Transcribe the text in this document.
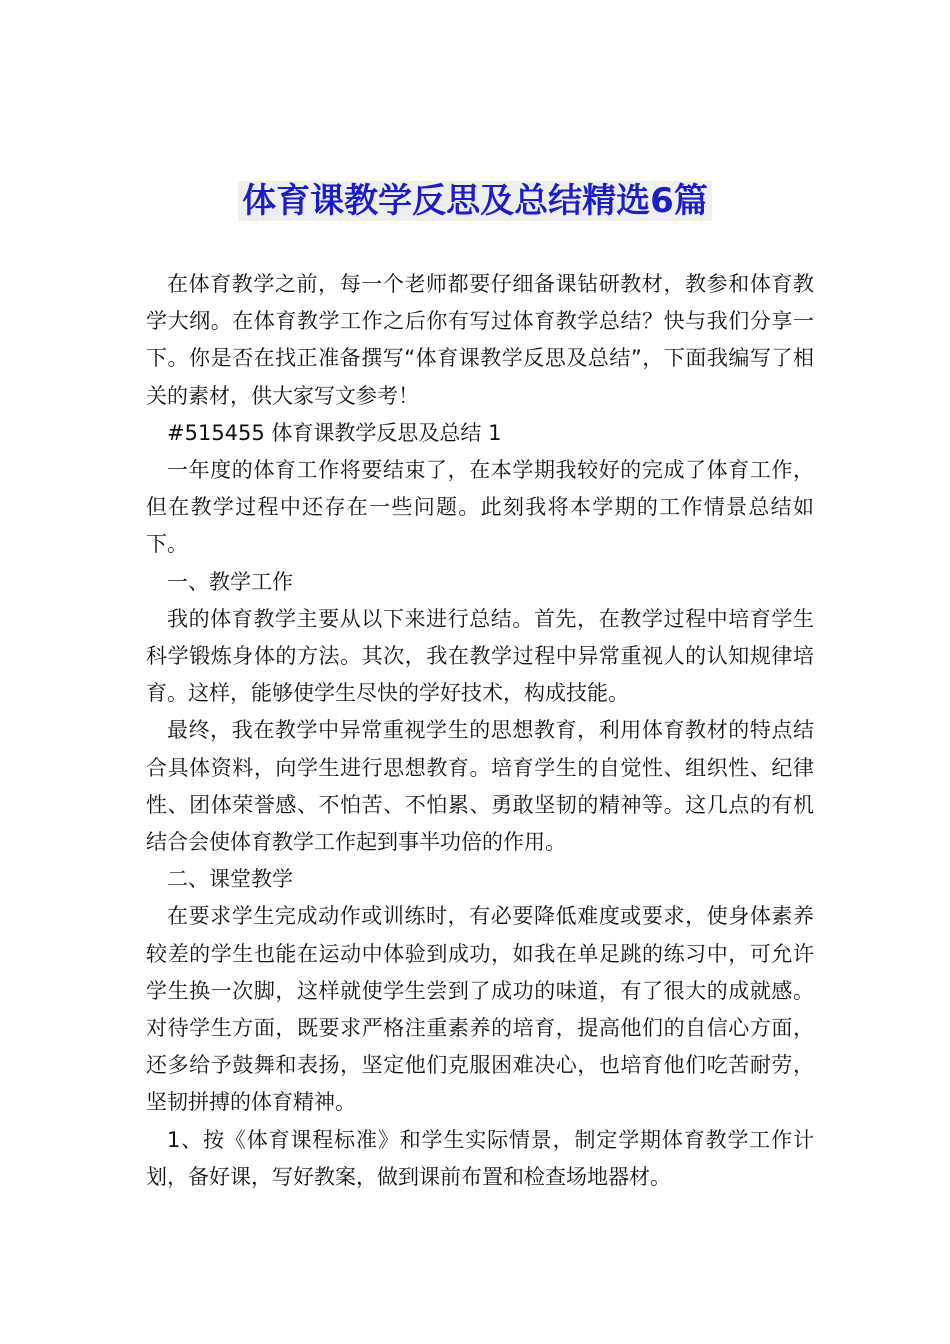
体育课教学反思及总结精选6篇

在体育教学之前，每一个老师都要仔细备课钻研教材，教参和体育教学大纲。在体育教学工作之后你有写过体育教学总结？快与我们分享一下。你是否在找正准备撰写“体育课教学反思及总结”，下面我编写了相关的素材，供大家写文参考！

#515455 体育课教学反思及总结 1

一年度的体育工作将要结束了，在本学期我较好的完成了体育工作，但在教学过程中还存在一些问题。此刻我将本学期的工作情景总结如下。

一、教学工作

我的体育教学主要从以下来进行总结。首先，在教学过程中培育学生科学锻炼身体的方法。其次，我在教学过程中异常重视人的认知规律培育。这样，能够使学生尽快的学好技术，构成技能。

最终，我在教学中异常重视学生的思想教育，利用体育教材的特点结合具体资料，向学生进行思想教育。培育学生的自觉性、组织性、纪律性、团体荣誉感、不怕苦、不怕累、勇敢坚韧的精神等。这几点的有机结合会使体育教学工作起到事半功倍的作用。

二、课堂教学

在要求学生完成动作或训练时，有必要降低难度或要求，使身体素养较差的学生也能在运动中体验到成功，如我在单足跳的练习中，可允许学生换一次脚，这样就使学生尝到了成功的味道，有了很大的成就感。对待学生方面，既要求严格注重素养的培育，提高他们的自信心方面，还多给予鼓舞和表扬，坚定他们克服困难决心，也培育他们吃苦耐劳，坚韧拼搏的体育精神。

1、按《体育课程标准》和学生实际情景，制定学期体育教学工作计划，备好课，写好教案，做到课前布置和检查场地器材。
